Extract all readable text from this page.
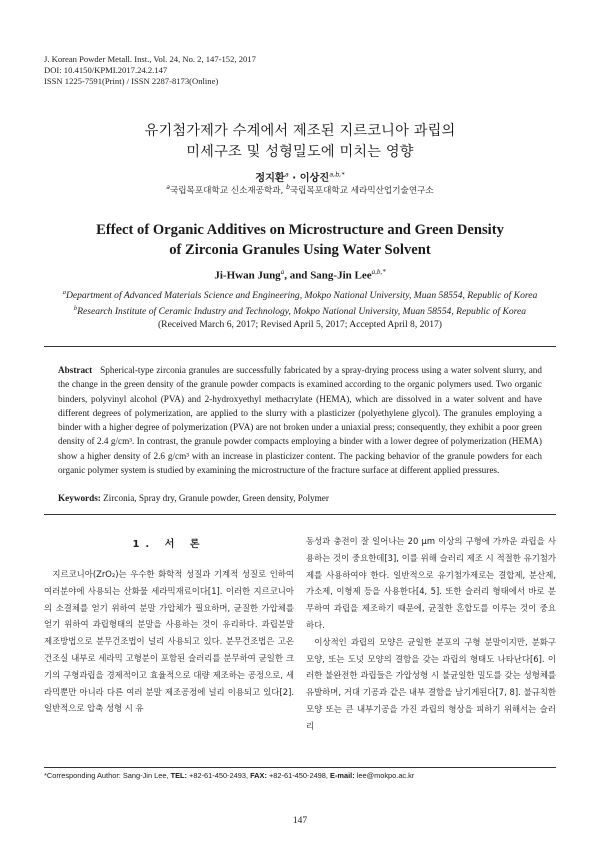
J. Korean Powder Metall. Inst., Vol. 24, No. 2, 147-152, 2017
DOI: 10.4150/KPMI.2017.24.2.147
ISSN 1225-7591(Print) / ISSN 2287-8173(Online)
유기첨가제가 수계에서 제조된 지르코니아 과립의
미세구조 및 성형밀도에 미치는 영향
정지환$^a$ · 이상진$^{a,b,*}$
$^a$국립목포대학교 신소재공학과, $^b$국립목포대학교 세라믹산업기술연구소
Effect of Organic Additives on Microstructure and Green Density
of Zirconia Granules Using Water Solvent
Ji-Hwan Jung$^a$, and Sang-Jin Lee$^{a,b,*}$
$^a$Department of Advanced Materials Science and Engineering, Mokpo National University, Muan 58554, Republic of Korea
$^b$Research Institute of Ceramic Industry and Technology, Mokpo National University, Muan 58554, Republic of Korea
(Received March 6, 2017; Revised April 5, 2017; Accepted April 8, 2017)
Abstract Spherical-type zirconia granules are successfully fabricated by a spray-drying process using a water solvent slurry, and the change in the green density of the granule powder compacts is examined according to the organic polymers used. Two organic binders, polyvinyl alcohol (PVA) and 2-hydroxyethyl methacrylate (HEMA), which are dissolved in a water solvent and have different degrees of polymerization, are applied to the slurry with a plasticizer (polyethylene glycol). The granules employing a binder with a higher degree of polymerization (PVA) are not broken under a uniaxial press; consequently, they exhibit a poor green density of 2.4 g/cm³. In contrast, the granule powder compacts employing a binder with a lower degree of polymerization (HEMA) show a higher density of 2.6 g/cm³ with an increase in plasticizer content. The packing behavior of the granule powders for each organic polymer system is studied by examining the microstructure of the fracture surface at different applied pressures.
Keywords: Zirconia, Spray dry, Granule powder, Green density, Polymer
1. 서 론

지르코니아(ZrO₂)는 우수한 화학적 성질과 기계적 성질로 인하여 여러분야에 사용되는 산화물 세라믹재료이다[1]. 이러한 지르코니아의 소결체를 얻기 위하여 분말 가압체가 필요하며, 균질한 가압체를 얻기 위하여 과립형태의 분말을 사용하는 것이 유리하다. 과립분말 제조방법으로 분무건조법이 널리 사용되고 있다. 분무건조법은 고온건조실 내부로 세라믹 고형분이 포함된 슬러리를 분무하여 균일한 크기의 구형과립을 경제적이고 효율적으로 대량 제조하는 공정으로, 세라믹뿐만 아니라 다른 여러 분말 제조공정에 널리 이용되고 있다[2]. 일반적으로 압축 성형 시 유

동성과 충전이 잘 일어나는 20 μm 이상의 구형에 가까운 과립을 사용하는 것이 중요한데[3], 이를 위해 슬러리 제조 시 적절한 유기첨가제를 사용하여야 한다. 일반적으로 유기첨가제로는 결합제, 분산제, 가소제, 이형제 등을 사용한다[4, 5]. 또한 슬러리 형태에서 바로 분무하여 과립을 제조하기 때문에, 균질한 혼합도를 이루는 것이 중요하다.

이상적인 과립의 모양은 균일한 분포의 구형 분말이지만, 분화구 모양, 또는 도넛 모양의 결함을 갖는 과립의 형태도 나타난다[6]. 이러한 불완전한 과립들은 가압성형 시 불균일한 밀도를 갖는 성형체를 유발하며, 거대 기공과 같은 내부 결함을 남기게된다[7, 8]. 불규칙한 모양 또는 큰 내부기공을 가진 과립의 형상을 피하기 위해서는 슬러리

*Corresponding Author: Sang-Jin Lee, TEL: +82-61-450-2493, FAX: +82-61-450-2498, E-mail: lee@mokpo.ac.kr
147
